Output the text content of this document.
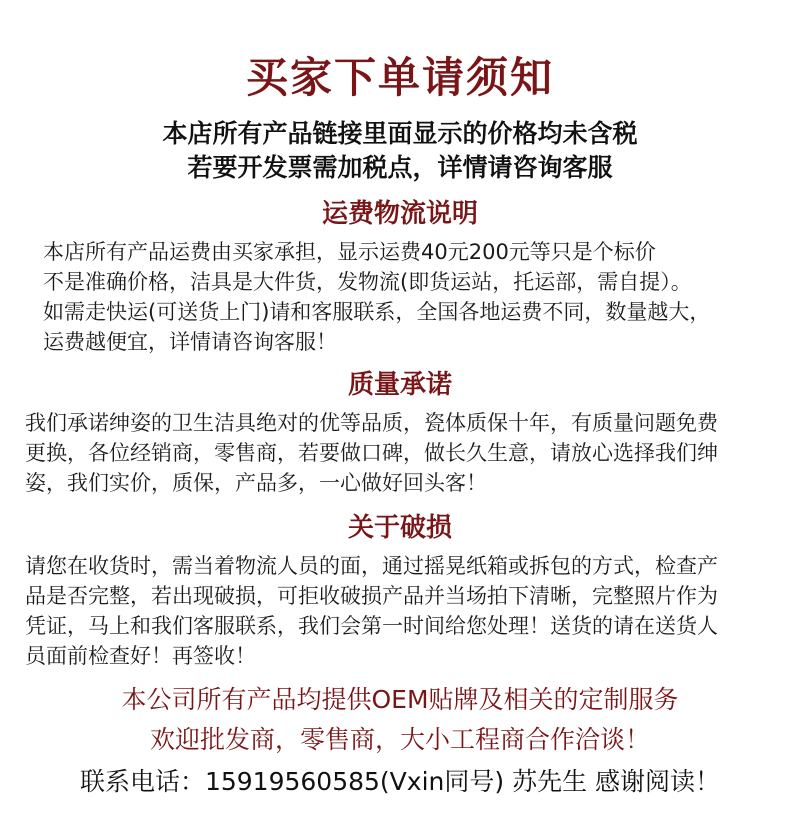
买家下单请须知
本店所有产品链接里面显示的价格均未含税
若要开发票需加税点，详情请咨询客服
运费物流说明
本店所有产品运费由买家承担，显示运费40元200元等只是个标价
不是准确价格，洁具是大件货，发物流(即货运站，托运部，需自提）。
如需走快运(可送货上门)请和客服联系，全国各地运费不同，数量越大，
运费越便宜，详情请咨询客服！
质量承诺
我们承诺绅姿的卫生洁具绝对的优等品质，瓷体质保十年，有质量问题免费
更换，各位经销商，零售商，若要做口碑，做长久生意，请放心选择我们绅
姿，我们实价，质保，产品多，一心做好回头客！
关于破损
请您在收货时，需当着物流人员的面，通过摇晃纸箱或拆包的方式，检查产
品是否完整，若出现破损，可拒收破损产品并当场拍下清晰，完整照片作为
凭证，马上和我们客服联系，我们会第一时间给您处理！送货的请在送货人
员面前检查好！再签收！
本公司所有产品均提供OEM贴牌及相关的定制服务
欢迎批发商，零售商，大小工程商合作洽谈！
联系电话：15919560585(Vxin同号) 苏先生 感谢阅读！
